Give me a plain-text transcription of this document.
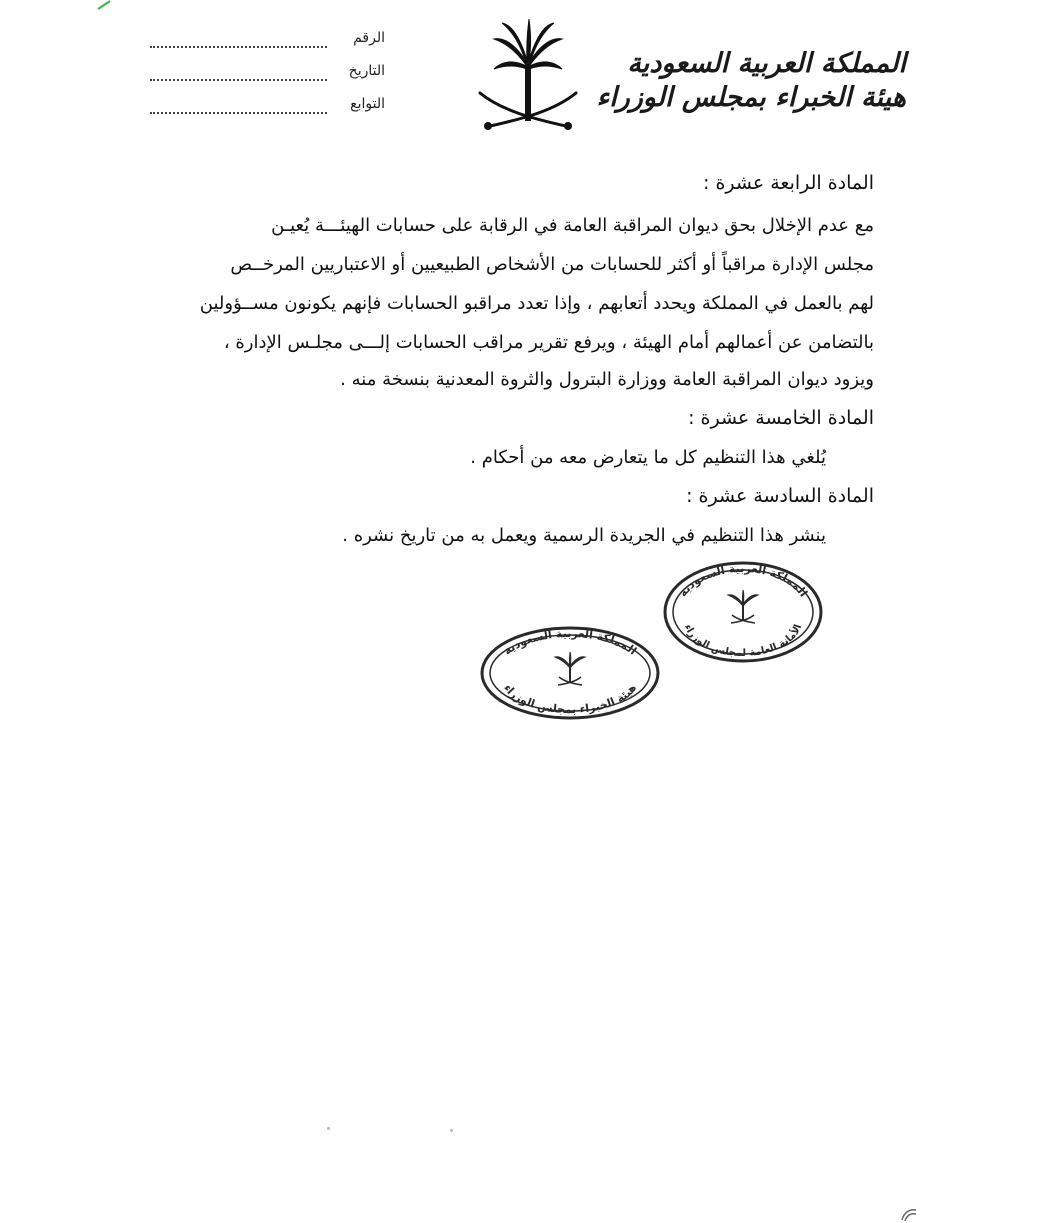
المملكة العربية السعودية
هيئة الخبراء بمجلس الوزراء
الرقم
التاريخ
التوابع
المادة الرابعة عشرة :
مع عدم الإخلال بحق ديوان المراقبة العامة في الرقابة على حسابات الهيئـــة يُعيـن
مجلس الإدارة مراقباً أو أكثر للحسابات من الأشخاص الطبيعيين أو الاعتباريين المرخــص
لهم بالعمل في المملكة ويحدد أتعابهم ، وإذا تعدد مراقبو الحسابات فإنهم يكونون مســؤولين
بالتضامن عن أعمالهم أمام الهيئة ، ويرفع تقرير مراقب الحسابات إلـــى مجلـس الإدارة ،
ويزود ديوان المراقبة العامة ووزارة البترول والثروة المعدنية بنسخة منه .
المادة الخامسة عشرة :
يُلغي هذا التنظيم كل ما يتعارض معه من أحكام .
المادة السادسة عشرة :
ينشر هذا التنظيم في الجريدة الرسمية ويعمل به من تاريخ نشره .
المملكة العربية السعودية
الأمانة العامة لمجلس الوزراء
المملكة العربية السعودية
هيئة الخبراء بمجلس الوزراء
